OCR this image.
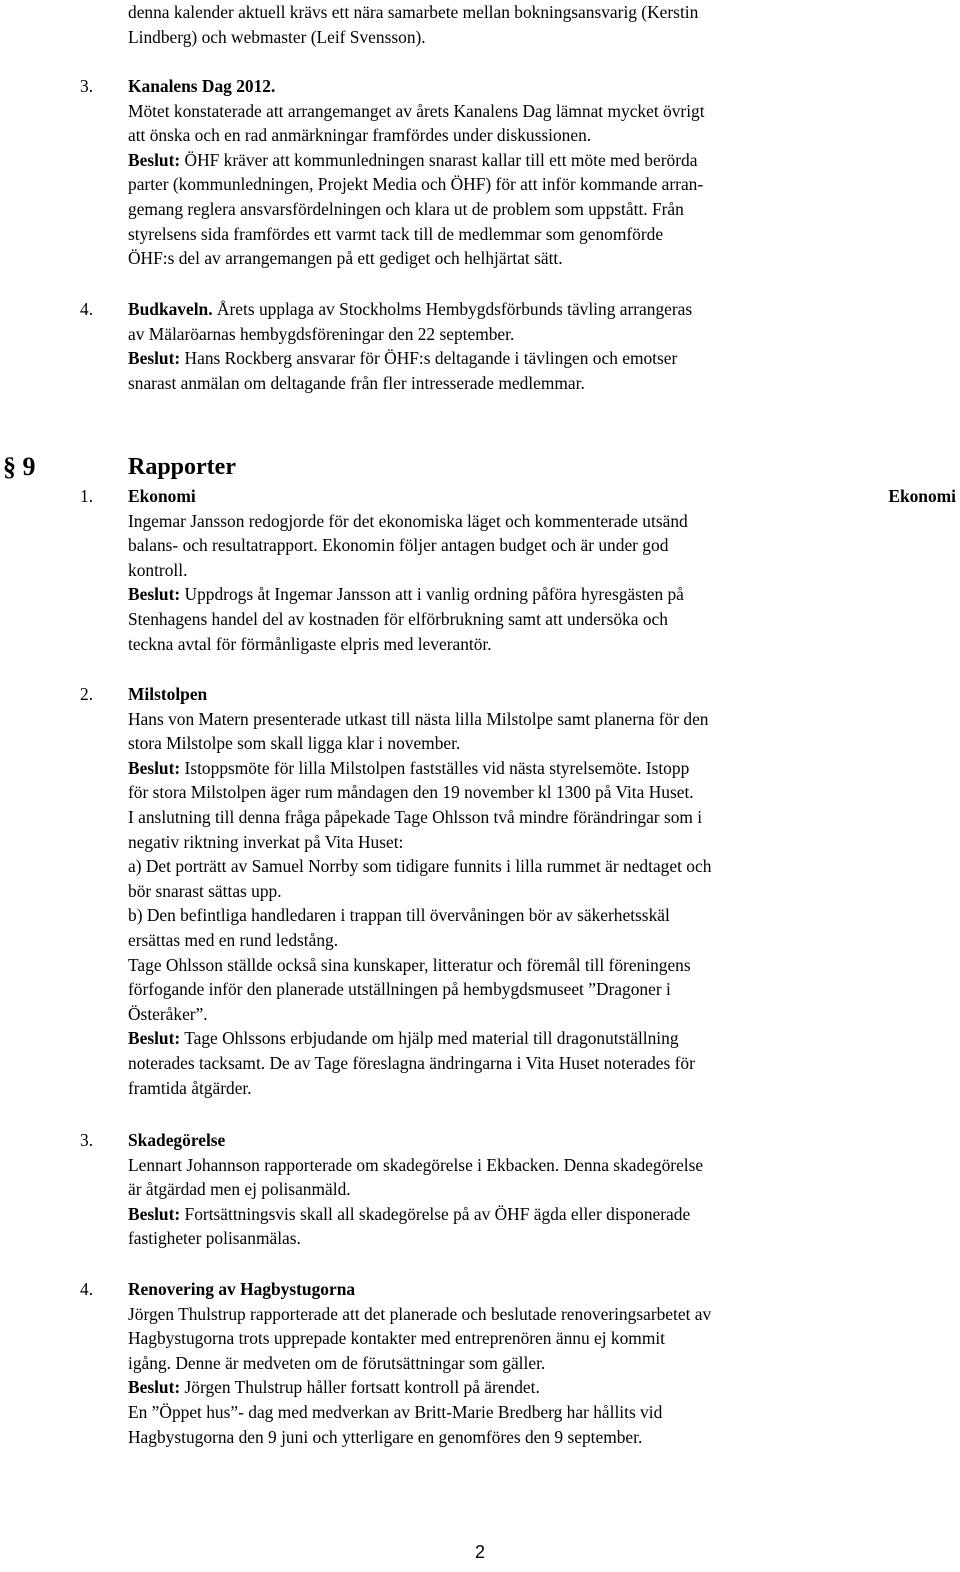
denna kalender aktuell krävs ett nära samarbete mellan bokningsansvarig (Kerstin

Lindberg) och webmaster (Leif Svensson).

3. Kanalens Dag 2012.

Mötet konstaterade att arrangemanget av årets Kanalens Dag lämnat mycket övrigt

att önska och en rad anmärkningar framfördes under diskussionen.

Beslut: ÖHF kräver att kommunledningen snarast kallar till ett möte med berörda

parter (kommunledningen, Projekt Media och ÖHF) för att inför kommande arran-

gemang reglera ansvarsfördelningen och klara ut de problem som uppstått. Från

styrelsens sida framfördes ett varmt tack till de medlemmar som genomförde

ÖHF:s del av arrangemangen på ett gediget och helhjärtat sätt.

4. Budkaveln. Årets upplaga av Stockholms Hembygdsförbunds tävling arrangeras

av Mälaröarnas hembygdsföreningar den 22 september.

Beslut: Hans Rockberg ansvarar för ÖHF:s deltagande i tävlingen och emotser

snarast anmälan om deltagande från fler intresserade medlemmar.

§ 9	Rapporter
Ekonomi
1. Ekonomi

Ingemar Jansson redogjorde för det ekonomiska läget och kommenterade utsänd

balans- och resultatrapport. Ekonomin följer antagen budget och är under god

kontroll.

Beslut: Uppdrogs åt Ingemar Jansson att i vanlig ordning påföra hyresgästen på

Stenhagens handel del av kostnaden för elförbrukning samt att undersöka och

teckna avtal för förmånligaste elpris med leverantör.

2. Milstolpen

Hans von Matern presenterade utkast till nästa lilla Milstolpe samt planerna för den

stora Milstolpe som skall ligga klar i november.

Beslut: Istoppsmöte för lilla Milstolpen fastställes vid nästa styrelsemöte. Istopp

för stora Milstolpen äger rum måndagen den 19 november kl 1300 på Vita Huset.

I anslutning till denna fråga påpekade Tage Ohlsson två mindre förändringar som i

negativ riktning inverkat på Vita Huset:

a) Det porträtt av Samuel Norrby som tidigare funnits i lilla rummet är nedtaget och

bör snarast sättas upp.

b) Den befintliga handledaren i trappan till övervåningen bör av säkerhetsskäl

ersättas med en rund ledstång.

Tage Ohlsson ställde också sina kunskaper, litteratur och föremål till föreningens

förfogande inför den planerade utställningen på hembygdsmuseet ”Dragoner i

Österåker”.

Beslut: Tage Ohlssons erbjudande om hjälp med material till dragonutställning

noterades tacksamt. De av Tage föreslagna ändringarna i Vita Huset noterades för

framtida åtgärder.

3. Skadegörelse

Lennart Johannson rapporterade om skadegörelse i Ekbacken. Denna skadegörelse

är åtgärdad men ej polisanmäld.

Beslut: Fortsättningsvis skall all skadegörelse på av ÖHF ägda eller disponerade

fastigheter polisanmälas.

4. Renovering av Hagbystugorna

Jörgen Thulstrup rapporterade att det planerade och beslutade renoveringsarbetet av

Hagbystugorna trots upprepade kontakter med entreprenören ännu ej kommit

igång. Denne är medveten om de förutsättningar som gäller.

Beslut: Jörgen Thulstrup håller fortsatt kontroll på ärendet.

En ”Öppet hus”- dag med medverkan av Britt-Marie Bredberg har hållits vid

Hagbystugorna den 9 juni och ytterligare en genomföres den 9 september.

2
